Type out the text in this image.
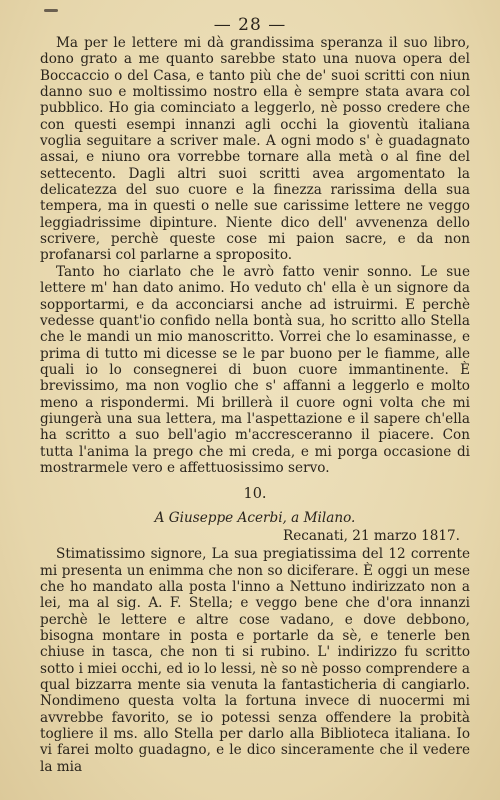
— 28 —

Ma per le lettere mi dà grandissima speranza il suo libro, dono grato a me quanto sarebbe stato una nuova opera del Boccaccio o del Casa, e tanto più che de' suoi scritti con niun danno suo e moltissimo nostro ella è sempre stata avara col pubblico. Ho gia cominciato a leggerlo, nè posso credere che con questi esempi innanzi agli occhi la gioventù italiana voglia seguitare a scriver male. A ogni modo s' è guadagnato assai, e niuno ora vorrebbe tornare alla metà o al fine del settecento. Dagli altri suoi scritti avea argomentato la delicatezza del suo cuore e la finezza rarissima della sua tempera, ma in questi o nelle sue carissime lettere ne veggo leggiadrissime dipinture. Niente dico dell' avvenenza dello scrivere, perchè queste cose mi paion sacre, e da non profanarsi col parlarne a sproposito.

Tanto ho ciarlato che le avrò fatto venir sonno. Le sue lettere m' han dato animo. Ho veduto ch' ella è un signore da sopportarmi, e da acconciarsi anche ad istruirmi. E perchè vedesse quant'io confido nella bontà sua, ho scritto allo Stella che le mandi un mio manoscritto. Vorrei che lo esaminasse, e prima di tutto mi dicesse se le par buono per le fiamme, alle quali io lo consegnerei di buon cuore immantinente. È brevissimo, ma non voglio che s' affanni a leggerlo e molto meno a rispondermi. Mi brillerà il cuore ogni volta che mi giungerà una sua lettera, ma l'aspettazione e il sapere ch'ella ha scritto a suo bell'agio m'accresceranno il piacere. Con tutta l'anima la prego che mi creda, e mi porga occasione di mostrarmele vero e affettuosissimo servo.

10.
A Giuseppe Acerbi, a Milano.
Recanati, 21 marzo 1817.

Stimatissimo signore, La sua pregiatissima del 12 corrente mi presenta un enimma che non so diciferare. È oggi un mese che ho mandato alla posta l'inno a Nettuno indirizzato non a lei, ma al sig. A. F. Stella; e veggo bene che d'ora innanzi perchè le lettere e altre cose vadano, e dove debbono, bisogna montare in posta e portarle da sè, e tenerle ben chiuse in tasca, che non ti si rubino. L' indirizzo fu scritto sotto i miei occhi, ed io lo lessi, nè so nè posso comprendere a qual bizzarra mente sia venuta la fantasticheria di cangiarlo. Nondimeno questa volta la fortuna invece di nuocermi mi avvrebbe favorito, se io potessi senza offendere la probità togliere il ms. allo Stella per darlo alla Biblioteca italiana. Io vi farei molto guadagno, e le dico sinceramente che il vedere la mia
